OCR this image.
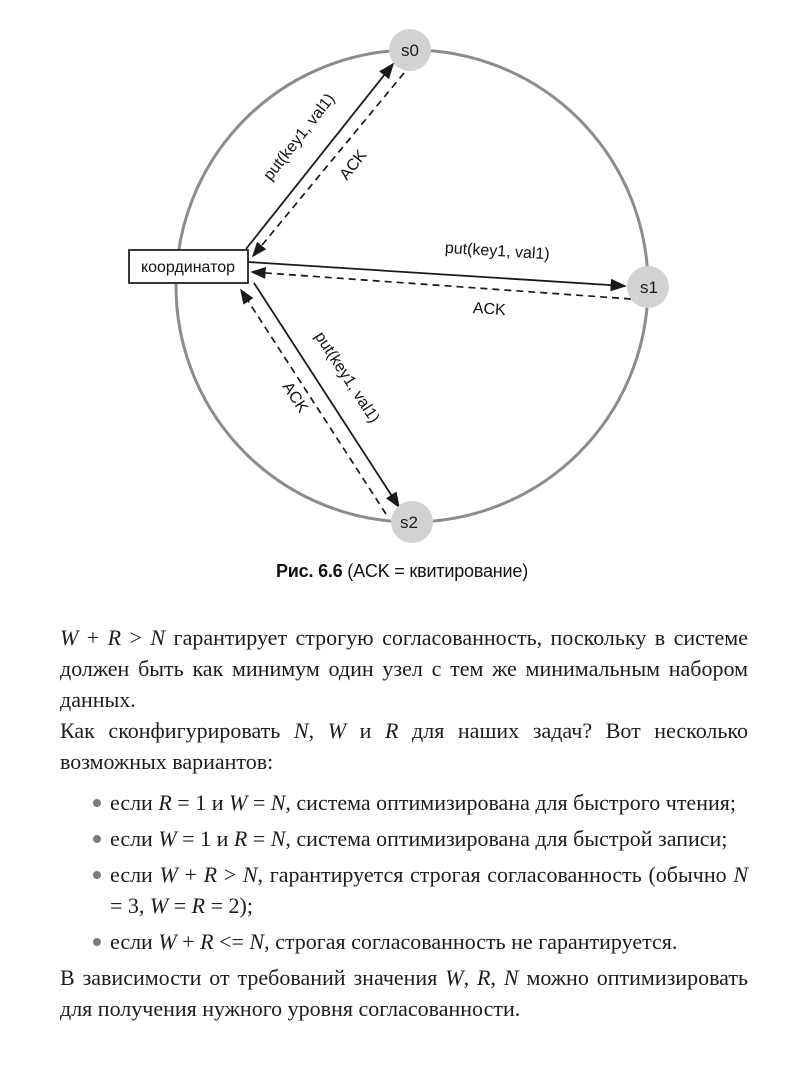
координатор
s0
s1
s2
put(key1, val1)
ACK
put(key1, val1)
ACK
put(key1, val1)
ACK
Рис. 6.6 (ACK = квитирование)

W + R > N гарантирует строгую согласованность, поскольку в системе должен быть как минимум один узел с тем же минимальным набором данных.

Как сконфигурировать N, W и R для наших задач? Вот несколько возможных вариантов:

если R = 1 и W = N, система оптимизирована для быстрого чтения;
если W = 1 и R = N, система оптимизирована для быстрой записи;
если W + R > N, гарантируется строгая согласованность (обычно N = 3, W = R = 2);
если W + R <= N, строгая согласованность не гарантируется.

В зависимости от требований значения W, R, N можно оптимизировать для получения нужного уровня согласованности.
